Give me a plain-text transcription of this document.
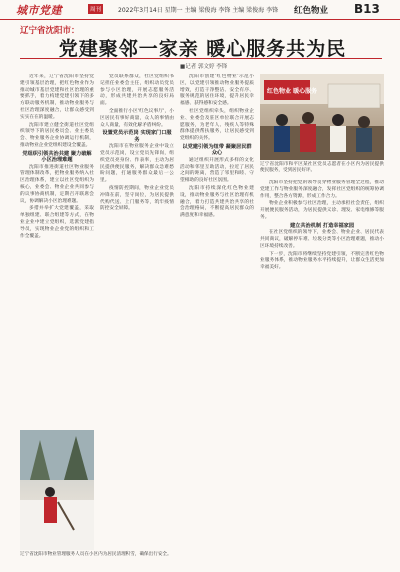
城市党建	周刊	2022年3月14日 星期一 主编 梁俊海 李锋 主编 梁俊海 李锋 红色物业 B13
辽宁省沈阳市：
党建聚邻一家亲 暖心服务共为民
■记者 郭文婷 李锋

近年来，辽宁省沈阳市坚持党建引领基层治理，把红色物业作为推动城市基层党建和社区治理的重要抓手，着力构建党建引领下的多方联动服务机制，推动物业服务与社区治理深度融合，让群众感受到实实在在的温暖。

沈阳市建立健全街道社区党组织领导下的居民委员会、业主委员会、物业服务企业协调运行机制，推动物业企业党组织建设全覆盖。

党组织引领共治共建 聚力破解小区治理难题

沈阳市推进街道社区物业服务管理体制改革，把物业服务纳入社区治理体系，建立以社区党组织为核心，业委会、物业企业共同参与的议事协商机制，定期召开联席会议，协调解决小区治理难题。

多措并举扩大党建覆盖，采取单独组建、联合组建等方式，在物业企业中建立党组织，选派党建指导员，实现物业企业党的组织和工作全覆盖。

党员联系群众，社区党组织书记担任业委会主任，组织动员党员参与小区治理，开展志愿服务活动，形成共建共治共享的良好局面。

全面推行小区'红色议事厅'，小区居民有事好商量，众人的事情由众人商量，有效化解矛盾纠纷。

设置党员示范岗 实现家门口服务

沈阳市在物业服务企业中设立党员示范岗，设立党员先锋岗，组织党员亮身份、作表率，主动为居民提供便民服务，解决群众急难愁盼问题，打通服务群众最后一公里。

疫情防控期间，物业企业党员冲锋在前，坚守岗位，为居民提供代购代送、上门服务等，筑牢疫情防控安全屏障。

沈阳市创建'红色物业'示范小区，以党建引领推动物业服务提质增效，打造干净整洁、安全有序、服务规范的居住环境，提升居民幸福感、获得感和安全感。

社区党组织牵头，组织物业企业、业委会及驻区单位联合开展志愿服务，为老年人、残疾人等特殊群体提供帮扶服务，让居民感受到党组织的关怀。

以党建引领为纽带 凝聚居民群众心

通过组织开展形式多样的文化活动和邻里互助活动，拉近了居民之间的距离，营造了邻里和睦、守望相助的良好社区氛围。

沈阳市持续深化红色物业建设，推动物业服务与社区治理有机融合，着力打造共建共治共享的社会治理格局，不断提高居民群众的满意度和幸福感。

红色物业 暖心服务
辽宁省沈阳市和平区某社区党员志愿者在小区内为居民提供便民服务，受到居民好评。

沈阳市坚持把党的领导贯穿物业服务管理全过程，推动党建工作与物业服务深度融合，发挥社区党组织的统筹协调作用，整合各方资源，形成工作合力。

物业企业积极参与社区治理，主动承担社会责任，组织开展便民服务活动，为居民提供义诊、理发、家电维修等服务。

建立共治机制 打造幸福家园

在社区党组织的领导下，业委会、物业企业、居民代表共同商议，破解停车难、垃圾分类等小区治理难题，推动小区环境持续改善。

下一步，沈阳市将继续坚持党建引领，不断完善红色物业服务体系，推动物业服务水平持续提升，让群众生活更加幸福美好。

辽宁省沈阳市物业管理服务人员在小区内为居民清理积雪，确保出行安全。
